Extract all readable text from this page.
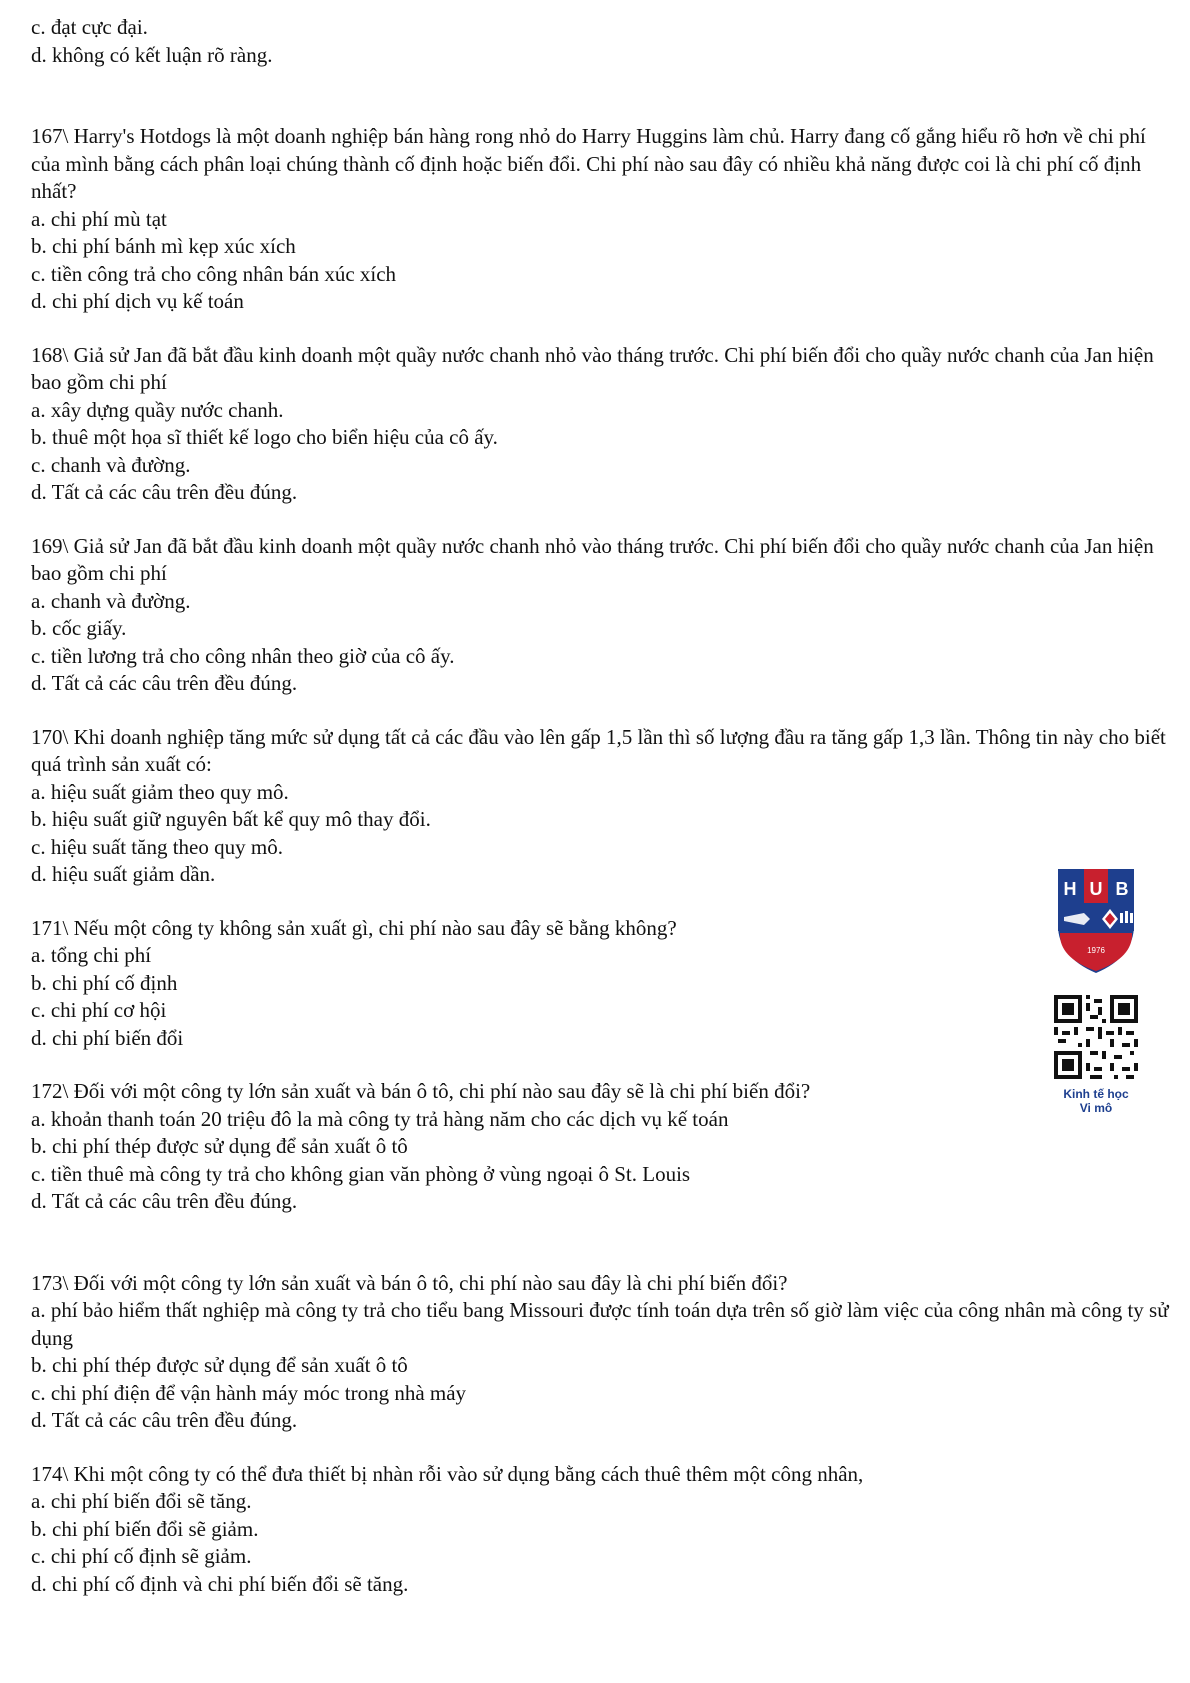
c. đạt cực đại.
d. không có kết luận rõ ràng.
167\ Harry's Hotdogs là một doanh nghiệp bán hàng rong nhỏ do Harry Huggins làm chủ. Harry đang cố gắng hiểu rõ hơn về chi phí của mình bằng cách phân loại chúng thành cố định hoặc biến đổi. Chi phí nào sau đây có nhiều khả năng được coi là chi phí cố định nhất?
a. chi phí mù tạt
b. chi phí bánh mì kẹp xúc xích
c. tiền công trả cho công nhân bán xúc xích
d. chi phí dịch vụ kế toán
168\ Giả sử Jan đã bắt đầu kinh doanh một quầy nước chanh nhỏ vào tháng trước. Chi phí biến đổi cho quầy nước chanh của Jan hiện bao gồm chi phí
a. xây dựng quầy nước chanh.
b. thuê một họa sĩ thiết kế logo cho biển hiệu của cô ấy.
c. chanh và đường.
d. Tất cả các câu trên đều đúng.
169\ Giả sử Jan đã bắt đầu kinh doanh một quầy nước chanh nhỏ vào tháng trước. Chi phí biến đổi cho quầy nước chanh của Jan hiện bao gồm chi phí
a. chanh và đường.
b. cốc giấy.
c. tiền lương trả cho công nhân theo giờ của cô ấy.
d. Tất cả các câu trên đều đúng.
170\ Khi doanh nghiệp tăng mức sử dụng tất cả các đầu vào lên gấp 1,5 lần thì số lượng đầu ra tăng gấp 1,3 lần. Thông tin này cho biết quá trình sản xuất có:
a. hiệu suất giảm theo quy mô.
b. hiệu suất giữ nguyên bất kể quy mô thay đổi.
c. hiệu suất tăng theo quy mô.
d. hiệu suất giảm dần.
171\ Nếu một công ty không sản xuất gì, chi phí nào sau đây sẽ bằng không?
a. tổng chi phí
b. chi phí cố định
c. chi phí cơ hội
d. chi phí biến đổi
172\ Đối với một công ty lớn sản xuất và bán ô tô, chi phí nào sau đây sẽ là chi phí biến đổi?
a. khoản thanh toán 20 triệu đô la mà công ty trả hàng năm cho các dịch vụ kế toán
b. chi phí thép được sử dụng để sản xuất ô tô
c. tiền thuê mà công ty trả cho không gian văn phòng ở vùng ngoại ô St. Louis
d. Tất cả các câu trên đều đúng.
173\ Đối với một công ty lớn sản xuất và bán ô tô, chi phí nào sau đây là chi phí biến đổi?
a. phí bảo hiểm thất nghiệp mà công ty trả cho tiểu bang Missouri được tính toán dựa trên số giờ làm việc của công nhân mà công ty sử dụng
b. chi phí thép được sử dụng để sản xuất ô tô
c. chi phí điện để vận hành máy móc trong nhà máy
d. Tất cả các câu trên đều đúng.
174\ Khi một công ty có thể đưa thiết bị nhàn rỗi vào sử dụng bằng cách thuê thêm một công nhân,
a. chi phí biến đổi sẽ tăng.
b. chi phí biến đổi sẽ giảm.
c. chi phí cố định sẽ giảm.
d. chi phí cố định và chi phí biến đổi sẽ tăng.
H U B
1976
Kinh tế học
Vi mô
